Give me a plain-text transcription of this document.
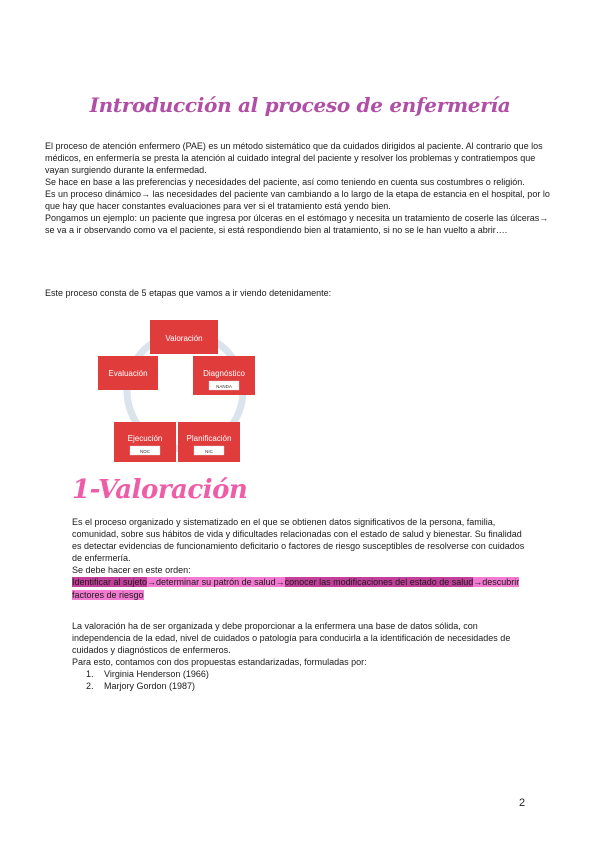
Introducción al proceso de enfermería

El proceso de atención enfermero (PAE) es un método sistemático que da cuidados dirigidos al paciente. Al contrario que los médicos, en enfermería se presta la atención al cuidado integral del paciente y resolver los problemas y contratiempos que vayan surgiendo durante la enfermedad.

Se hace en base a las preferencias y necesidades del paciente, así como teniendo en cuenta sus costumbres o religión.

Es un proceso dinámico→ las necesidades del paciente van cambiando a lo largo de la etapa de estancia en el hospital, por lo que hay que hacer constantes evaluaciones para ver si el tratamiento está yendo bien.

Pongamos un ejemplo: un paciente que ingresa por úlceras en el estómago y necesita un tratamiento de coserle las úlceras→ se va a ir observando como va el paciente, si está respondiendo bien al tratamiento, si no se le han vuelto a abrir….

Este proceso consta de 5 etapas que vamos a ir viendo detenidamente:

Valoración
Diagnóstico
NANDA
Planificación
NIC
Ejecución
NOC
Evaluación
1-Valoración

Es el proceso organizado y sistematizado en el que se obtienen datos significativos de la persona, familia, comunidad, sobre sus hábitos de vida y dificultades relacionadas con el estado de salud y bienestar. Su finalidad es detectar evidencias de funcionamiento deficitario o factores de riesgo susceptibles de resolverse con cuidados de enfermería.

Se debe hacer en este orden:

Identificar al sujeto→determinar su patrón de salud→conocer las modificaciones del estado de salud→descubrir factores de riesgo

La valoración ha de ser organizada y debe proporcionar a la enfermera una base de datos sólida, con independencia de la edad, nivel de cuidados o patología para conducirla a la identificación de necesidades de cuidados y diagnósticos de enfermeros.

Para esto, contamos con dos propuestas estandarizadas, formuladas por:

1. Virginia Henderson (1966)
2. Marjory Gordon (1987)
2
